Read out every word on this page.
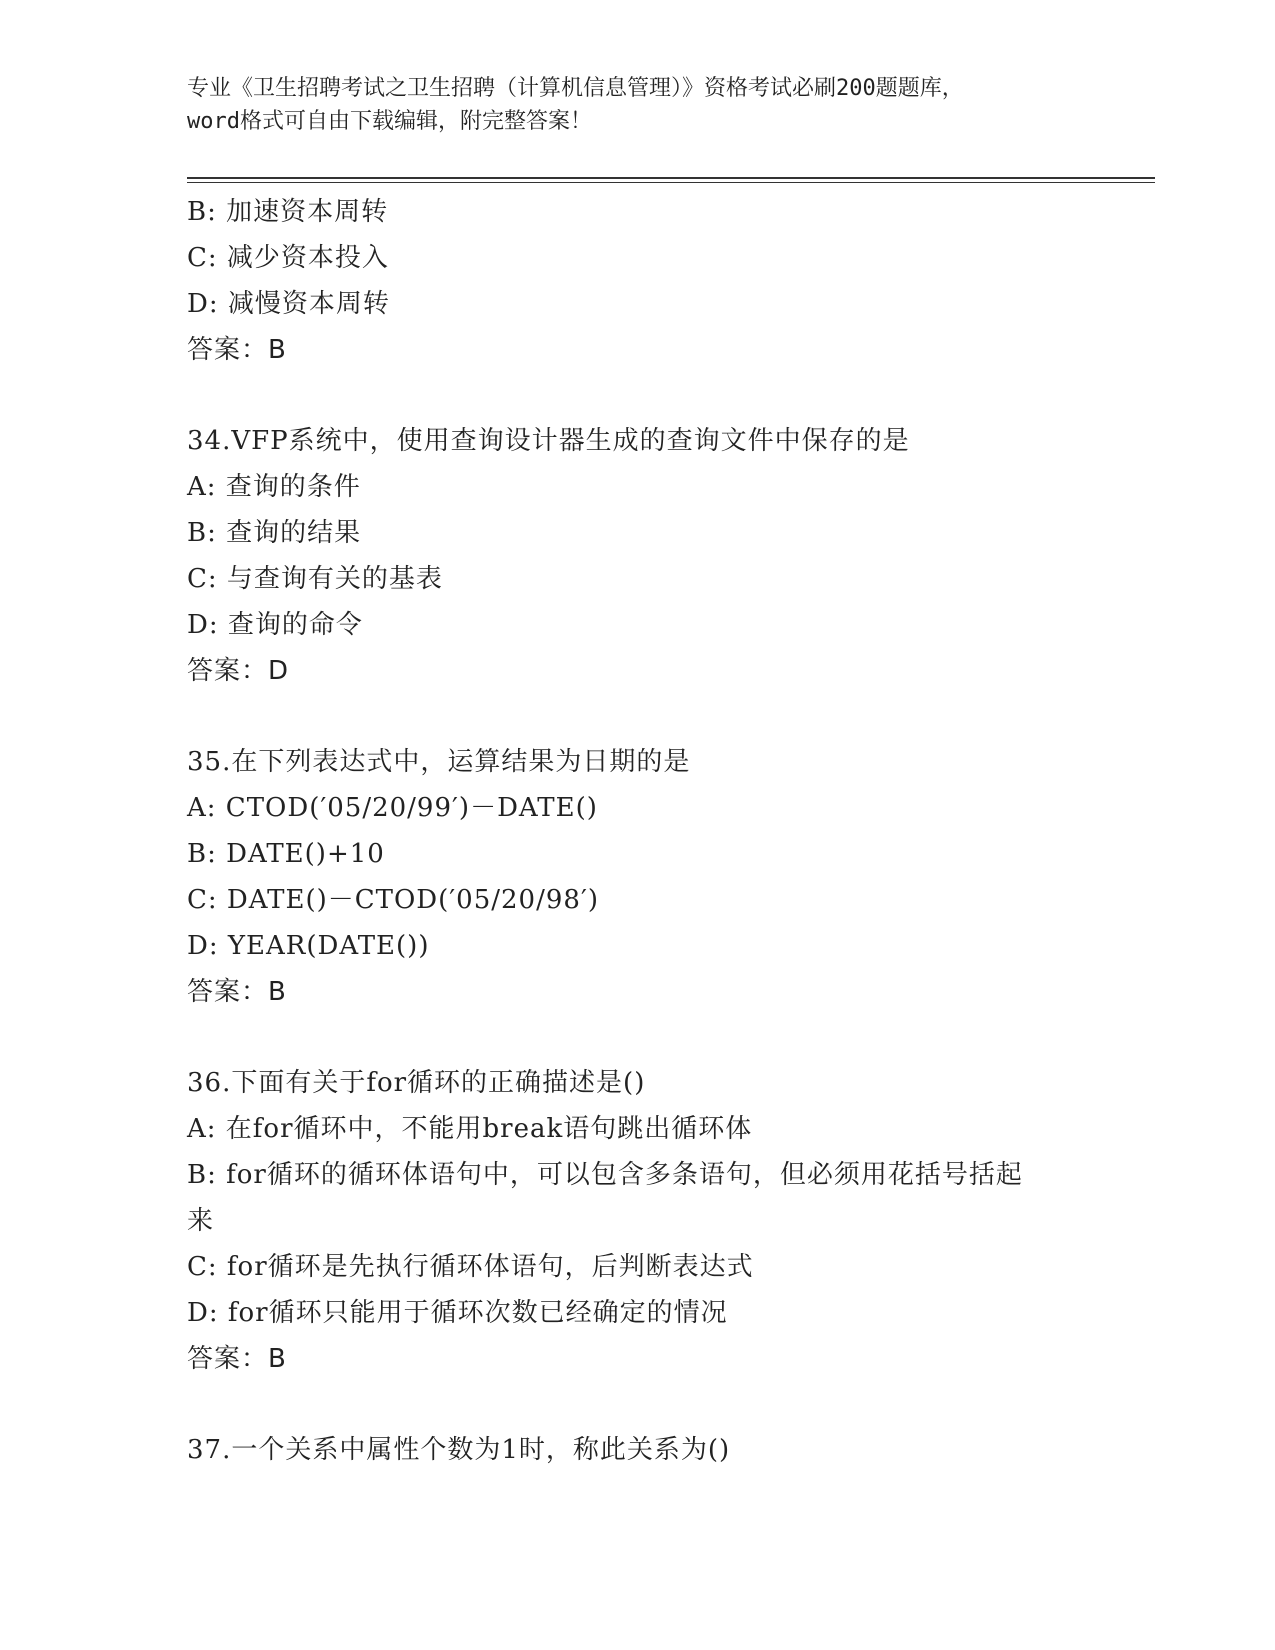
专业《卫生招聘考试之卫生招聘（计算机信息管理）》资格考试必刷200题题库，
word格式可自由下载编辑，附完整答案！
B: 加速资本周转
C: 减少资本投入
D: 减慢资本周转
答案：B
34.VFP系统中，使用查询设计器生成的查询文件中保存的是
A: 查询的条件
B: 查询的结果
C: 与查询有关的基表
D: 查询的命令
答案：D
35.在下列表达式中，运算结果为日期的是
A: CTOD(′05/20/99′)－DATE()
B: DATE()+10
C: DATE()－CTOD(′05/20/98′)
D: YEAR(DATE())
答案：B
36.下面有关于for循环的正确描述是()
A: 在for循环中，不能用break语句跳出循环体
B: for循环的循环体语句中，可以包含多条语句，但必须用花括号括起来
C: for循环是先执行循环体语句，后判断表达式
D: for循环只能用于循环次数已经确定的情况
答案：B
37.一个关系中属性个数为1时，称此关系为()
